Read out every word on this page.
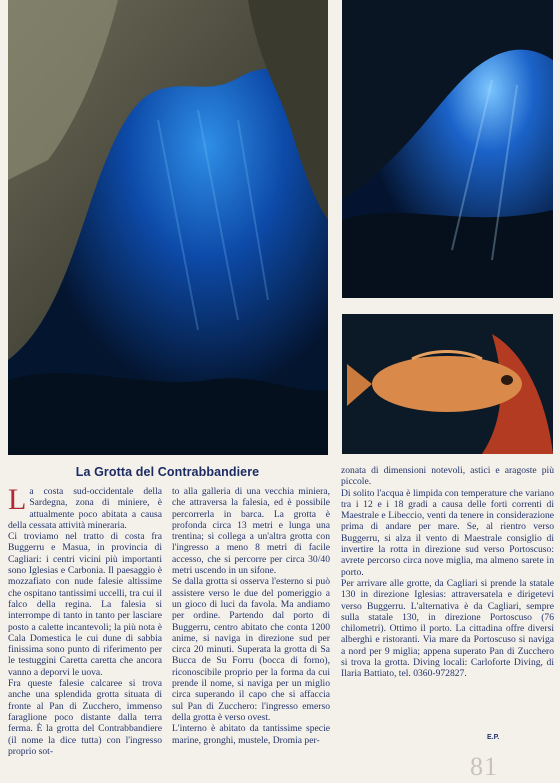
La Grotta del Contrabbandiere

La costa sud-occidentale della Sardegna, zona di miniere, è attualmente poco abitata a causa della cessata attività mineraria.

Ci troviamo nel tratto di costa fra Buggerru e Masua, in provincia di Cagliari: i centri vicini più importanti sono Iglesias e Carbonia. Il paesaggio è mozzafiato con nude falesie altissime che ospitano tantissimi uccelli, tra cui il falco della regina. La falesia si interrompe di tanto in tanto per lasciare posto a calette incantevoli; la più nota è Cala Domestica le cui dune di sabbia finissima sono punto di riferimento per le testuggini Caretta caretta che ancora vanno a deporvi le uova.

Fra queste falesie calcaree si trova anche una splendida grotta situata di fronte al Pan di Zucchero, immenso faraglione poco distante dalla terra ferma. È la grotta del Contrabbandiere (il nome la dice tutta) con l'ingresso proprio sot-

to alla galleria di una vecchia miniera, che attraversa la falesia, ed è possibile percorrerla in barca. La grotta è profonda circa 13 metri e lunga una trentina; si collega a un'altra grotta con l'ingresso a meno 8 metri di facile accesso, che si percorre per circa 30/40 metri uscendo in un sifone.

Se dalla grotta si osserva l'esterno si può assistere verso le due del pomeriggio a un gioco di luci da favola. Ma andiamo per ordine. Partendo dal porto di Buggerru, centro abitato che conta 1200 anime, si naviga in direzione sud per circa 20 minuti. Superata la grotta di Sa Bucca de Su Forru (bocca di forno), riconoscibile proprio per la forma da cui prende il nome, si naviga per un miglio circa superando il capo che si affaccia sul Pan di Zucchero: l'ingresso emerso della grotta è verso ovest.

L'interno è abitato da tantissime specie marine, gronghi, mustele, Dromia per-

zonata di dimensioni notevoli, astici e aragoste più piccole.

Di solito l'acqua è limpida con temperature che variano tra i 12 e i 18 gradi a causa delle forti correnti di Maestrale e Libeccio, venti da tenere in considerazione prima di andare per mare. Se, al rientro verso Buggerru, si alza il vento di Maestrale consiglio di invertire la rotta in direzione sud verso Portoscuso: avrete percorso circa nove miglia, ma almeno sarete in porto.

Per arrivare alle grotte, da Cagliari si prende la statale 130 in direzione Iglesias: attraversatela e dirigetevi verso Buggerru. L'alternativa è da Cagliari, sempre sulla statale 130, in direzione Portoscuso (76 chilometri). Ottimo il porto. La cittadina offre diversi alberghi e ristoranti. Via mare da Portoscuso si naviga a nord per 9 miglia; appena superato Pan di Zucchero si trova la grotta. Diving locali: Carloforte Diving, di Ilaria Battiato, tel. 0360-972827.

E.P.
81
